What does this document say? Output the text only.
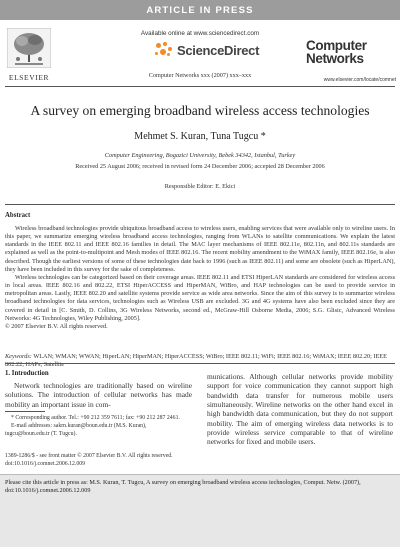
ARTICLE IN PRESS
ELSEVIER
Available online at www.sciencedirect.com
ScienceDirect
Computer Networks xxx (2007) xxx–xxx
Computer
Networks
www.elsevier.com/locate/comnet
A survey on emerging broadband wireless access technologies
Mehmet S. Kuran, Tuna Tugcu *
Computer Engineering, Bogazici University, Bebek 34342, Istanbul, Turkey
Received 25 August 2006; received in revised form 24 December 2006; accepted 28 December 2006
Responsible Editor: E. Ekici
Abstract

Wireless broadband technologies provide ubiquitous broadband access to wireless users, enabling services that were available only to wireline users. In this paper, we summarize emerging wireless broadband access technologies, ranging from WLANs to satellite communications. We explain the latest standards in the IEEE 802.11 and IEEE 802.16 families in detail. The MAC layer mechanisms of IEEE 802.11e, 802.11n, and 802.11s standards are explained as well as the point-to-multipoint and Mesh modes of IEEE 802.16. The recent mobility amendment to the WiMAX family, IEEE 802.16e, is also described. Though the earliest versions of some of these technologies date back to 1996 (such as IEEE 802.11) and some are obsolete (such as HiperLAN), they have been included in this survey for the sake of completeness.

Wireless technologies can be categorized based on their coverage areas. IEEE 802.11 and ETSI HiperLAN standards are considered for wireless access in local areas. IEEE 802.16 and 802.22, ETSI HiperACCESS and HiperMAN, WiBro, and HAP technologies can be used to provide service in metropolitan areas. Lastly, IEEE 802.20 and satellite systems provide service as wide area networks. Since the aim of this survey is to summarize wireless broadband technologies for data services, technologies such as Wireless USB are excluded. 3G and 4G systems have also been excluded since they are covered in detail in [C. Smith, D. Collins, 3G Wireless Networks, second ed., McGraw-Hill Osborne Media, 2006; S.G. Glisic, Advanced Wireless Networks: 4G Technologies, Wiley Publishing, 2005].

© 2007 Elsevier B.V. All rights reserved.

Keywords: WLAN; WMAN; WWAN; HiperLAN; HiperMAN; HiperACCESS; WiBro; IEEE 802.11; WiFi; IEEE 802.16; WiMAX; IEEE 802.20; IEEE 802.22; HAPs; Satellite
1. Introduction
Network technologies are traditionally based on wireline solutions. The introduction of cellular networks has made mobility an important issue in com-

* Corresponding author. Tel.: +90 212 359 7611; fax: +90 212 287 2461.

E-mail addresses: sakrn.kuran@boun.edu.tr (M.S. Kuran), tugcu@boun.edu.tr (T. Tugcu).

1389-1286/$ - see front matter © 2007 Elsevier B.V. All rights reserved.
doi:10.1016/j.comnet.2006.12.009
munications. Although cellular networks provide mobility support for voice communication they cannot support high bandwidth data transfer for numerous mobile users simultaneously. Wireline networks on the other hand excel in high bandwidth data communication, but they do not support mobility. The aim of emerging wireless data networks is to provide wireless service comparable to that of wireline networks for fixed and mobile users.
Please cite this article in press as: M.S. Kuran, T. Tugcu, A survey on emerging broadband wireless access technologies, Comput. Netw. (2007), doi:10.1016/j.comnet.2006.12.009
